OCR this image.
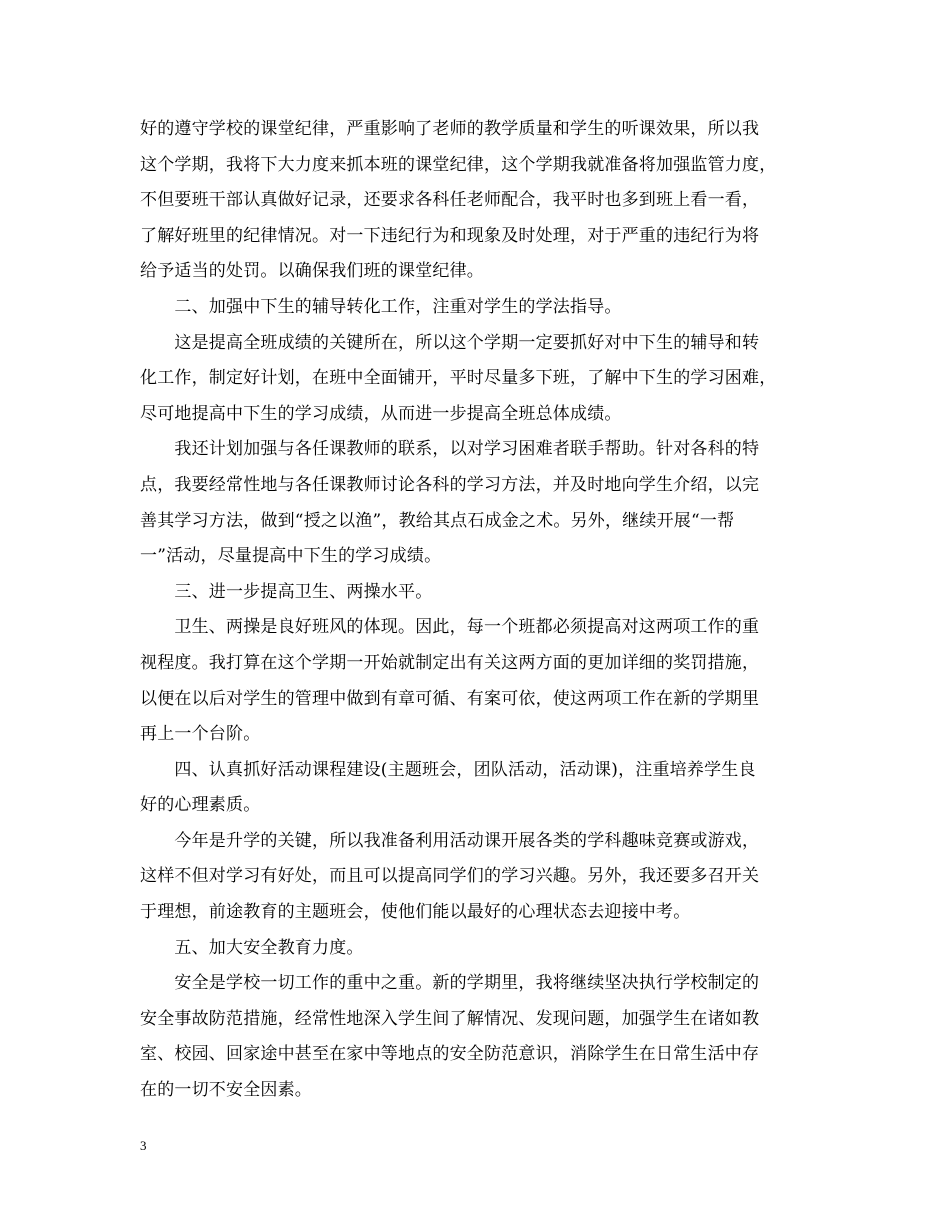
好的遵守学校的课堂纪律，严重影响了老师的教学质量和学生的听课效果，所以我
这个学期，我将下大力度来抓本班的课堂纪律，这个学期我就准备将加强监管力度，
不但要班干部认真做好记录，还要求各科任老师配合，我平时也多到班上看一看，
了解好班里的纪律情况。对一下违纪行为和现象及时处理，对于严重的违纪行为将
给予适当的处罚。以确保我们班的课堂纪律。
　　二、加强中下生的辅导转化工作，注重对学生的学法指导。
　　这是提高全班成绩的关键所在，所以这个学期一定要抓好对中下生的辅导和转
化工作，制定好计划，在班中全面铺开，平时尽量多下班，了解中下生的学习困难，
尽可地提高中下生的学习成绩，从而进一步提高全班总体成绩。
　　我还计划加强与各任课教师的联系，以对学习困难者联手帮助。针对各科的特
点，我要经常性地与各任课教师讨论各科的学习方法，并及时地向学生介绍，以完
善其学习方法，做到“授之以渔”，教给其点石成金之术。另外，继续开展“一帮
一”活动，尽量提高中下生的学习成绩。
　　三、进一步提高卫生、两操水平。
　　卫生、两操是良好班风的体现。因此，每一个班都必须提高对这两项工作的重
视程度。我打算在这个学期一开始就制定出有关这两方面的更加详细的奖罚措施，
以便在以后对学生的管理中做到有章可循、有案可依，使这两项工作在新的学期里
再上一个台阶。
　　四、认真抓好活动课程建设(主题班会，团队活动，活动课)，注重培养学生良
好的心理素质。
　　今年是升学的关键，所以我准备利用活动课开展各类的学科趣味竞赛或游戏，
这样不但对学习有好处，而且可以提高同学们的学习兴趣。另外，我还要多召开关
于理想，前途教育的主题班会，使他们能以最好的心理状态去迎接中考。
　　五、加大安全教育力度。
　　安全是学校一切工作的重中之重。新的学期里，我将继续坚决执行学校制定的
安全事故防范措施，经常性地深入学生间了解情况、发现问题，加强学生在诸如教
室、校园、回家途中甚至在家中等地点的安全防范意识，消除学生在日常生活中存
在的一切不安全因素。
3
